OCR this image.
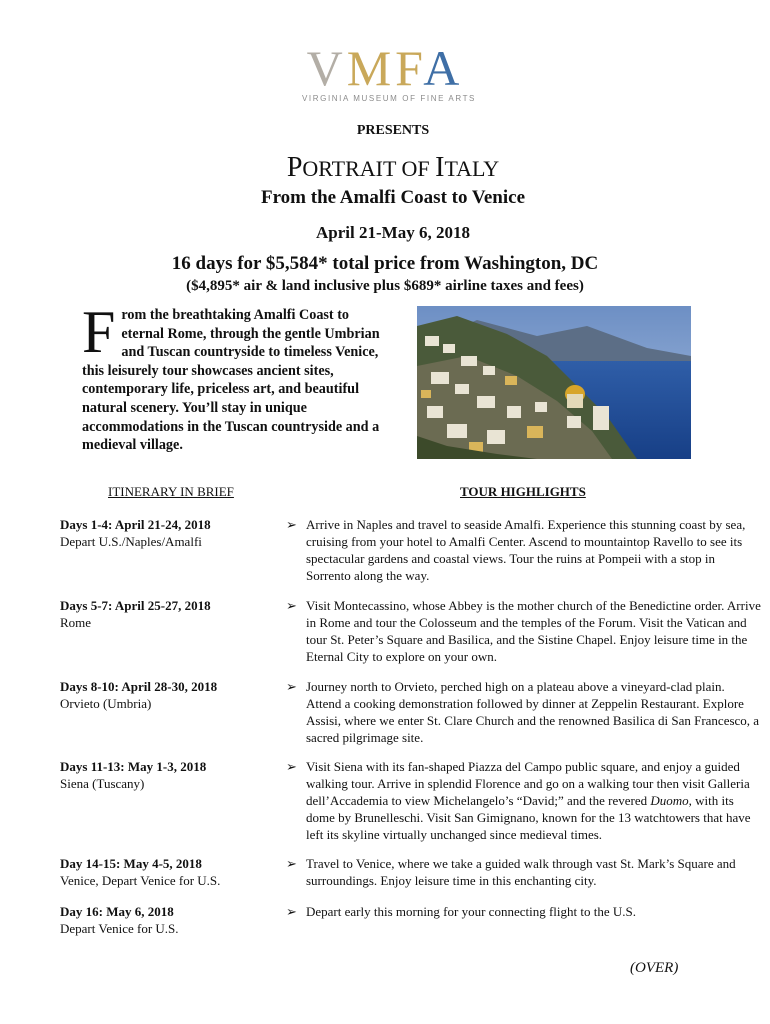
VMFA
VIRGINIA MUSEUM OF FINE ARTS
PRESENTS
PORTRAIT OF ITALY
From the Amalfi Coast to Venice
April 21-May 6, 2018
16 days for $5,584* total price from Washington, DC
($4,895* air & land inclusive plus $689* airline taxes and fees)
From the breathtaking Amalfi Coast to eternal Rome, through the gentle Umbrian and Tuscan countryside to timeless Venice, this leisurely tour showcases ancient sites, contemporary life, priceless art, and beautiful natural scenery. You’ll stay in unique accommodations in the Tuscan countryside and a medieval village.
ITINERARY IN BRIEF	TOUR HIGHLIGHTS
Days 1-4: April 21-24, 2018
Depart U.S./Naples/Amalfi
➢ Arrive in Naples and travel to seaside Amalfi. Experience this stunning coast by sea, cruising from your hotel to Amalfi Center. Ascend to mountaintop Ravello to see its spectacular gardens and coastal views. Tour the ruins at Pompeii with a stop in Sorrento along the way.
Days 5-7: April 25-27, 2018
Rome
➢ Visit Montecassino, whose Abbey is the mother church of the Benedictine order. Arrive in Rome and tour the Colosseum and the temples of the Forum. Visit the Vatican and tour St. Peter’s Square and Basilica, and the Sistine Chapel. Enjoy leisure time in the Eternal City to explore on your own.
Days 8-10: April 28-30, 2018
Orvieto (Umbria)
➢ Journey north to Orvieto, perched high on a plateau above a vineyard-clad plain. Attend a cooking demonstration followed by dinner at Zeppelin Restaurant. Explore Assisi, where we enter St. Clare Church and the renowned Basilica di San Francesco, a sacred pilgrimage site.
Days 11-13: May 1-3, 2018
Siena (Tuscany)
➢ Visit Siena with its fan-shaped Piazza del Campo public square, and enjoy a guided walking tour. Arrive in splendid Florence and go on a walking tour then visit Galleria dell’Accademia to view Michelangelo’s “David;” and the revered Duomo, with its dome by Brunelleschi. Visit San Gimignano, known for the 13 watchtowers that have left its skyline virtually unchanged since medieval times.
Day 14-15: May 4-5, 2018
Venice, Depart Venice for U.S.
➢ Travel to Venice, where we take a guided walk through vast St. Mark’s Square and surroundings. Enjoy leisure time in this enchanting city.
Day 16: May 6, 2018
Depart Venice for U.S.
➢ Depart early this morning for your connecting flight to the U.S.
(OVER)
